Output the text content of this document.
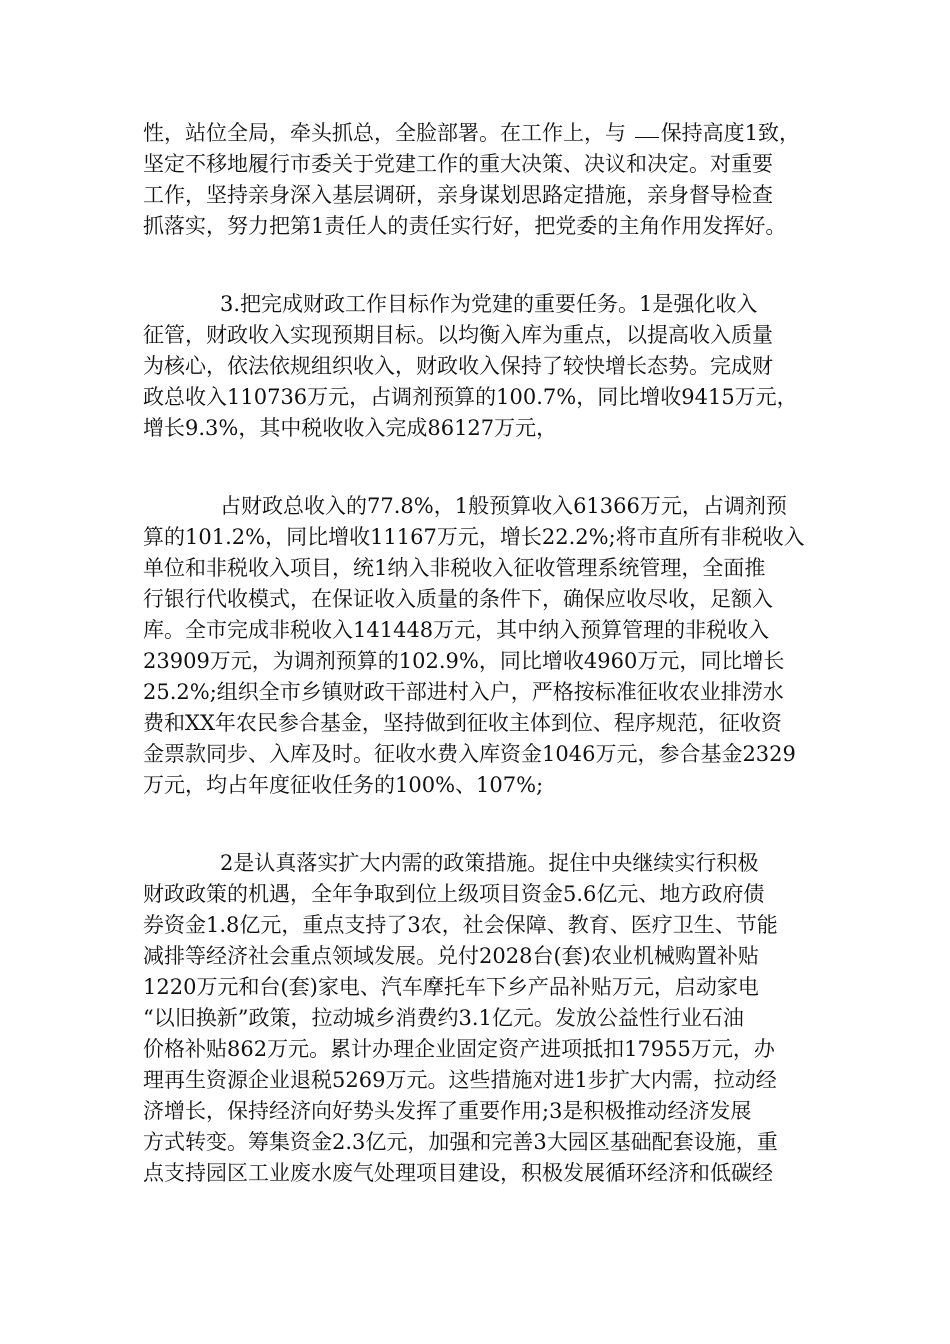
性，站位全局，牵头抓总，全脸部署。在工作上，与 保持高度1致，
坚定不移地履行市委关于党建工作的重大决策、决议和决定。对重要
工作，坚持亲身深入基层调研，亲身谋划思路定措施，亲身督导检查
抓落实，努力把第1责任人的责任实行好，把党委的主角作用发挥好。
3.把完成财政工作目标作为党建的重要任务。1是强化收入
征管，财政收入实现预期目标。以均衡入库为重点，以提高收入质量
为核心，依法依规组织收入，财政收入保持了较快增长态势。完成财
政总收入110736万元，占调剂预算的100.7%，同比增收9415万元，
增长9.3%，其中税收收入完成86127万元，
占财政总收入的77.8%，1般预算收入61366万元，占调剂预
算的101.2%，同比增收11167万元，增长22.2%;将市直所有非税收入
单位和非税收入项目，统1纳入非税收入征收管理系统管理，全面推
行银行代收模式，在保证收入质量的条件下，确保应收尽收，足额入
库。全市完成非税收入141448万元，其中纳入预算管理的非税收入
23909万元，为调剂预算的102.9%，同比增收4960万元，同比增长
25.2%;组织全市乡镇财政干部进村入户，严格按标准征收农业排涝水
费和XX年农民参合基金，坚持做到征收主体到位、程序规范，征收资
金票款同步、入库及时。征收水费入库资金1046万元，参合基金2329
万元，均占年度征收任务的100%、107%;
2是认真落实扩大内需的政策措施。捉住中央继续实行积极
财政政策的机遇，全年争取到位上级项目资金5.6亿元、地方政府债
券资金1.8亿元，重点支持了3农，社会保障、教育、医疗卫生、节能
减排等经济社会重点领域发展。兑付2028台(套)农业机械购置补贴
1220万元和台(套)家电、汽车摩托车下乡产品补贴万元，启动家电
“以旧换新”政策，拉动城乡消费约3.1亿元。发放公益性行业石油
价格补贴862万元。累计办理企业固定资产进项抵扣17955万元，办
理再生资源企业退税5269万元。这些措施对进1步扩大内需，拉动经
济增长，保持经济向好势头发挥了重要作用;3是积极推动经济发展
方式转变。筹集资金2.3亿元，加强和完善3大园区基础配套设施，重
点支持园区工业废水废气处理项目建设，积极发展循环经济和低碳经
